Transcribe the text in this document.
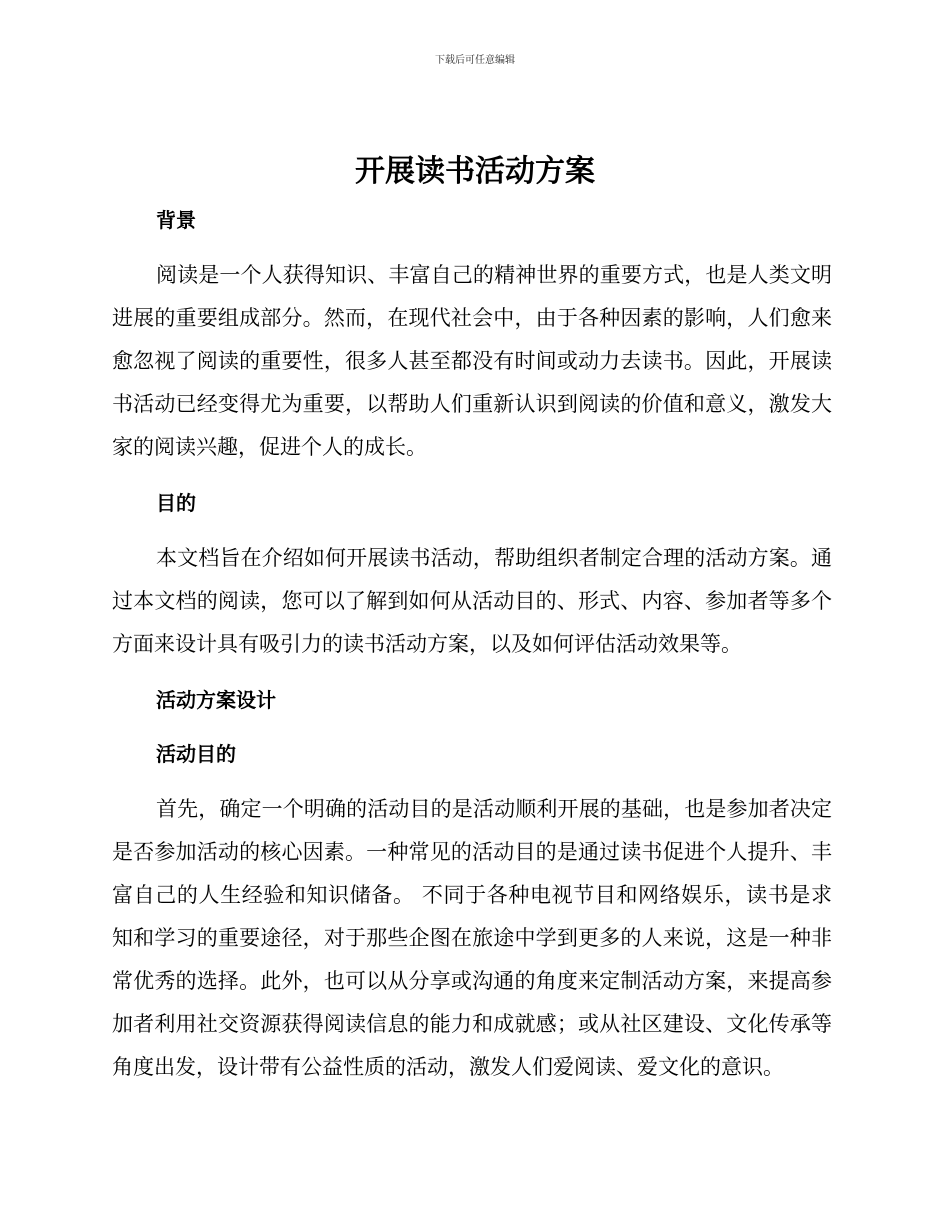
下载后可任意编辑
开展读书活动方案
背景

阅读是一个人获得知识、丰富自己的精神世界的重要方式，也是人类文明进展的重要组成部分。然而，在现代社会中，由于各种因素的影响，人们愈来愈忽视了阅读的重要性，很多人甚至都没有时间或动力去读书。因此，开展读书活动已经变得尤为重要，以帮助人们重新认识到阅读的价值和意义，激发大家的阅读兴趣，促进个人的成长。

目的

本文档旨在介绍如何开展读书活动，帮助组织者制定合理的活动方案。通过本文档的阅读，您可以了解到如何从活动目的、形式、内容、参加者等多个方面来设计具有吸引力的读书活动方案，以及如何评估活动效果等。

活动方案设计
活动目的

首先，确定一个明确的活动目的是活动顺利开展的基础，也是参加者决定是否参加活动的核心因素。一种常见的活动目的是通过读书促进个人提升、丰富自己的人生经验和知识储备。 不同于各种电视节目和网络娱乐，读书是求知和学习的重要途径，对于那些企图在旅途中学到更多的人来说，这是一种非常优秀的选择。此外，也可以从分享或沟通的角度来定制活动方案，来提高参加者利用社交资源获得阅读信息的能力和成就感；或从社区建设、文化传承等角度出发，设计带有公益性质的活动，激发人们爱阅读、爱文化的意识。
